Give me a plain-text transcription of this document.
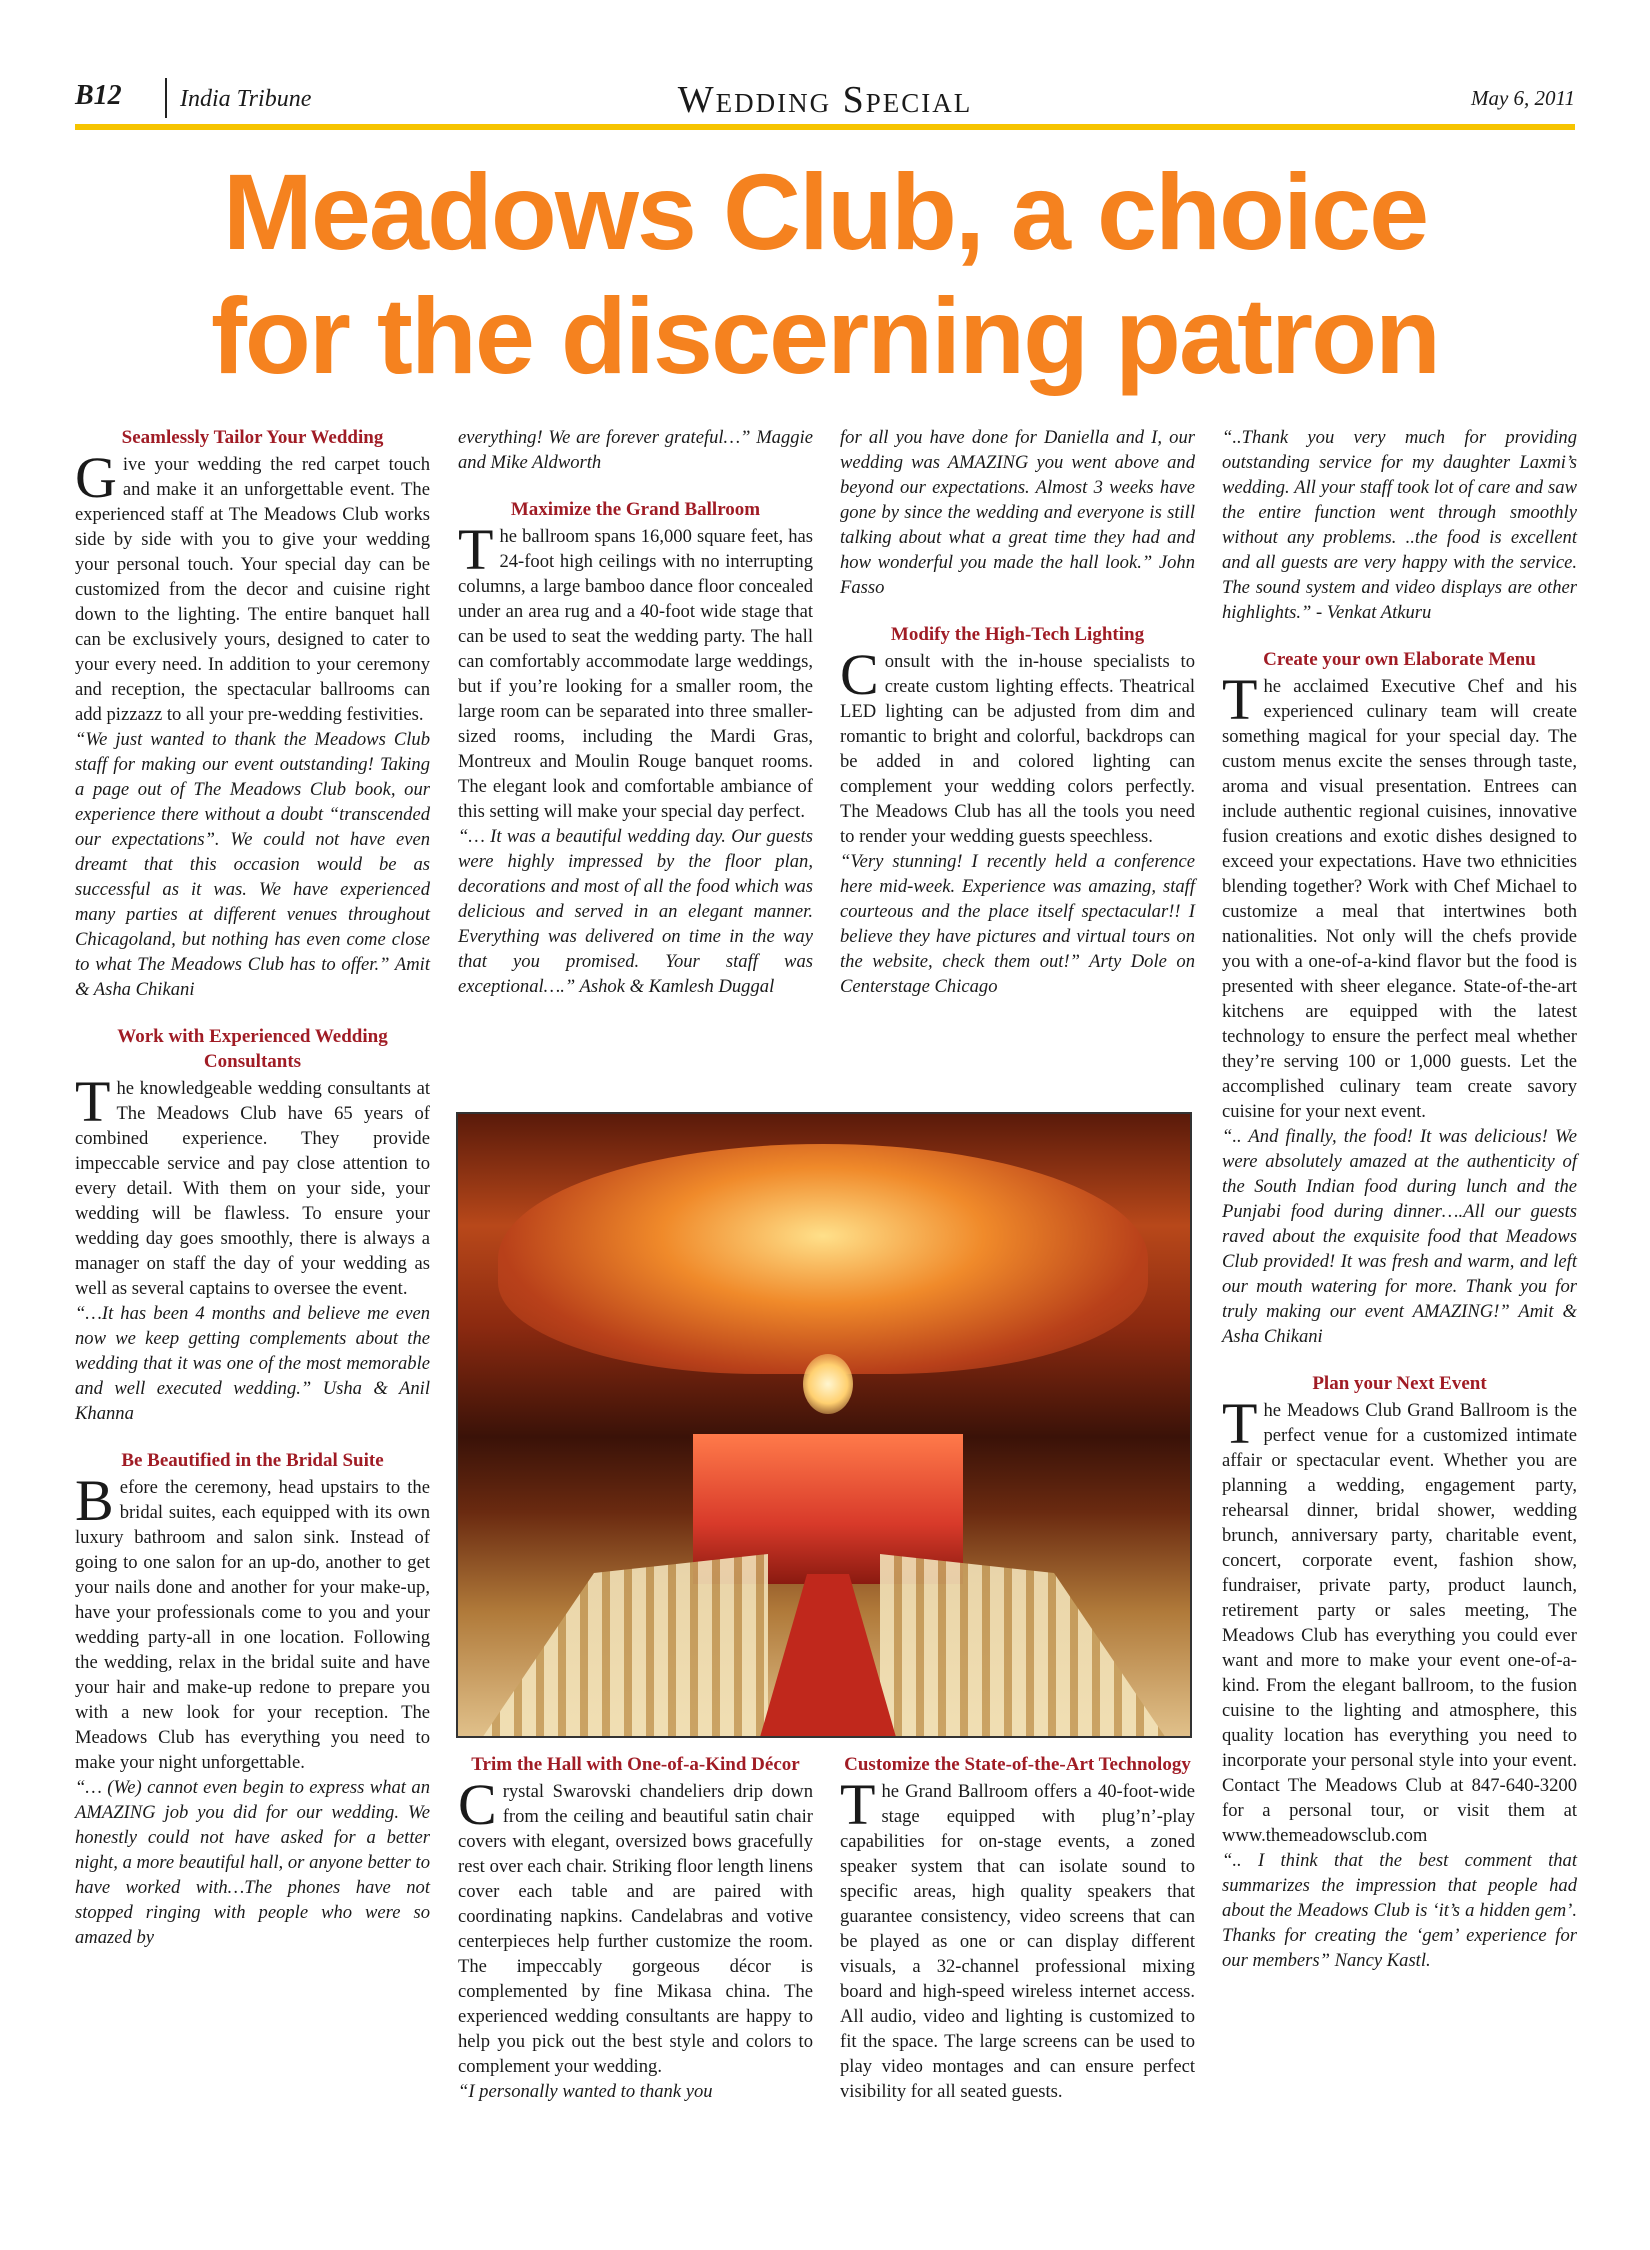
B12 India Tribune	Wedding Special	May 6, 2011
Meadows Club, a choice
for the discerning patron
Seamlessly Tailor Your Wedding

Give your wedding the red carpet touch and make it an unforgettable event. The experienced staff at The Meadows Club works side by side with you to give your wedding your personal touch. Your special day can be customized from the decor and cuisine right down to the lighting. The entire banquet hall can be exclusively yours, designed to cater to your every need. In addition to your ceremony and reception, the spectacular ballrooms can add pizzazz to all your pre-wedding festivities.

“We just wanted to thank the Meadows Club staff for making our event outstanding! Taking a page out of The Meadows Club book, our experience there without a doubt “transcended our expectations”. We could not have even dreamt that this occasion would be as successful as it was. We have experienced many parties at different venues throughout Chicagoland, but nothing has even come close to what The Meadows Club has to offer.” Amit & Asha Chikani

Work with Experienced Wedding Consultants

The knowledgeable wedding consultants at The Meadows Club have 65 years of combined experience. They provide impeccable service and pay close attention to every detail. With them on your side, your wedding will be flawless. To ensure your wedding day goes smoothly, there is always a manager on staff the day of your wedding as well as several captains to oversee the event.

“…It has been 4 months and believe me even now we keep getting complements about the wedding that it was one of the most memorable and well executed wedding.” Usha & Anil Khanna

Be Beautified in the Bridal Suite

Before the ceremony, head upstairs to the bridal suites, each equipped with its own luxury bathroom and salon sink. Instead of going to one salon for an up-do, another to get your nails done and another for your make-up, have your professionals come to you and your wedding party-all in one location. Following the wedding, relax in the bridal suite and have your hair and make-up redone to prepare you with a new look for your reception. The Meadows Club has everything you need to make your night unforgettable.

“… (We) cannot even begin to express what an AMAZING job you did for our wedding. We honestly could not have asked for a better night, a more beautiful hall, or anyone better to have worked with…The phones have not stopped ringing with people who were so amazed by

everything! We are forever grateful…” Maggie and Mike Aldworth

Maximize the Grand Ballroom

The ballroom spans 16,000 square feet, has 24-foot high ceilings with no interrupting columns, a large bamboo dance floor concealed under an area rug and a 40-foot wide stage that can be used to seat the wedding party. The hall can comfortably accommodate large weddings, but if you’re looking for a smaller room, the large room can be separated into three smaller-sized rooms, including the Mardi Gras, Montreux and Moulin Rouge banquet rooms. The elegant look and comfortable ambiance of this setting will make your special day perfect.

“… It was a beautiful wedding day. Our guests were highly impressed by the floor plan, decorations and most of all the food which was delicious and served in an elegant manner. Everything was delivered on time in the way that you promised. Your staff was exceptional….” Ashok & Kamlesh Duggal

for all you have done for Daniella and I, our wedding was AMAZING you went above and beyond our expectations. Almost 3 weeks have gone by since the wedding and everyone is still talking about what a great time they had and how wonderful you made the hall look.” John Fasso

Modify the High-Tech Lighting

Consult with the in-house specialists to create custom lighting effects. Theatrical LED lighting can be adjusted from dim and romantic to bright and colorful, backdrops can be added in and colored lighting can complement your wedding colors perfectly. The Meadows Club has all the tools you need to render your wedding guests speechless.

“Very stunning! I recently held a conference here mid-week. Experience was amazing, staff courteous and the place itself spectacular!! I believe they have pictures and virtual tours on the website, check them out!” Arty Dole on Centerstage Chicago

“..Thank you very much for providing outstanding service for my daughter Laxmi’s wedding. All your staff took lot of care and saw the entire function went through smoothly without any problems. ..the food is excellent and all guests are very happy with the service. The sound system and video displays are other highlights.” - Venkat Atkuru

Create your own Elaborate Menu

The acclaimed Executive Chef and his experienced culinary team will create something magical for your special day. The custom menus excite the senses through taste, aroma and visual presentation. Entrees can include authentic regional cuisines, innovative fusion creations and exotic dishes designed to exceed your expectations. Have two ethnicities blending together? Work with Chef Michael to customize a meal that intertwines both nationalities. Not only will the chefs provide you with a one-of-a-kind flavor but the food is presented with sheer elegance. State-of-the-art kitchens are equipped with the latest technology to ensure the perfect meal whether they’re serving 100 or 1,000 guests. Let the accomplished culinary team create savory cuisine for your next event.

“.. And finally, the food! It was delicious! We were absolutely amazed at the authenticity of the South Indian food during lunch and the Punjabi food during dinner….All our guests raved about the exquisite food that Meadows Club provided! It was fresh and warm, and left our mouth watering for more. Thank you for truly making our event AMAZING!” Amit & Asha Chikani

Plan your Next Event

The Meadows Club Grand Ballroom is the perfect venue for a customized intimate affair or spectacular event. Whether you are planning a wedding, engagement party, rehearsal dinner, bridal shower, wedding brunch, anniversary party, charitable event, concert, corporate event, fashion show, fundraiser, private party, product launch, retirement party or sales meeting, The Meadows Club has everything you could ever want and more to make your event one-of-a-kind. From the elegant ballroom, to the fusion cuisine to the lighting and atmosphere, this quality location has everything you need to incorporate your personal style into your event. Contact The Meadows Club at 847-640-3200 for a personal tour, or visit them at www.themeadowsclub.com

“.. I think that the best comment that summarizes the impression that people had about the Meadows Club is ‘it’s a hidden gem’. Thanks for creating the ‘gem’ experience for our members” Nancy Kastl.

Trim the Hall with One-of-a-Kind Décor

Crystal Swarovski chandeliers drip down from the ceiling and beautiful satin chair covers with elegant, oversized bows gracefully rest over each chair. Striking floor length linens cover each table and are paired with coordinating napkins. Candelabras and votive centerpieces help further customize the room. The impeccably gorgeous décor is complemented by fine Mikasa china. The experienced wedding consultants are happy to help you pick out the best style and colors to complement your wedding.

“I personally wanted to thank you

Customize the State-of-the-Art Technology

The Grand Ballroom offers a 40-foot-wide stage equipped with plug’n’-play capabilities for on-stage events, a zoned speaker system that can isolate sound to specific areas, high quality speakers that guarantee consistency, video screens that can be played as one or can display different visuals, a 32-channel professional mixing board and high-speed wireless internet access. All audio, video and lighting is customized to fit the space. The large screens can be used to play video montages and can ensure perfect visibility for all seated guests.
